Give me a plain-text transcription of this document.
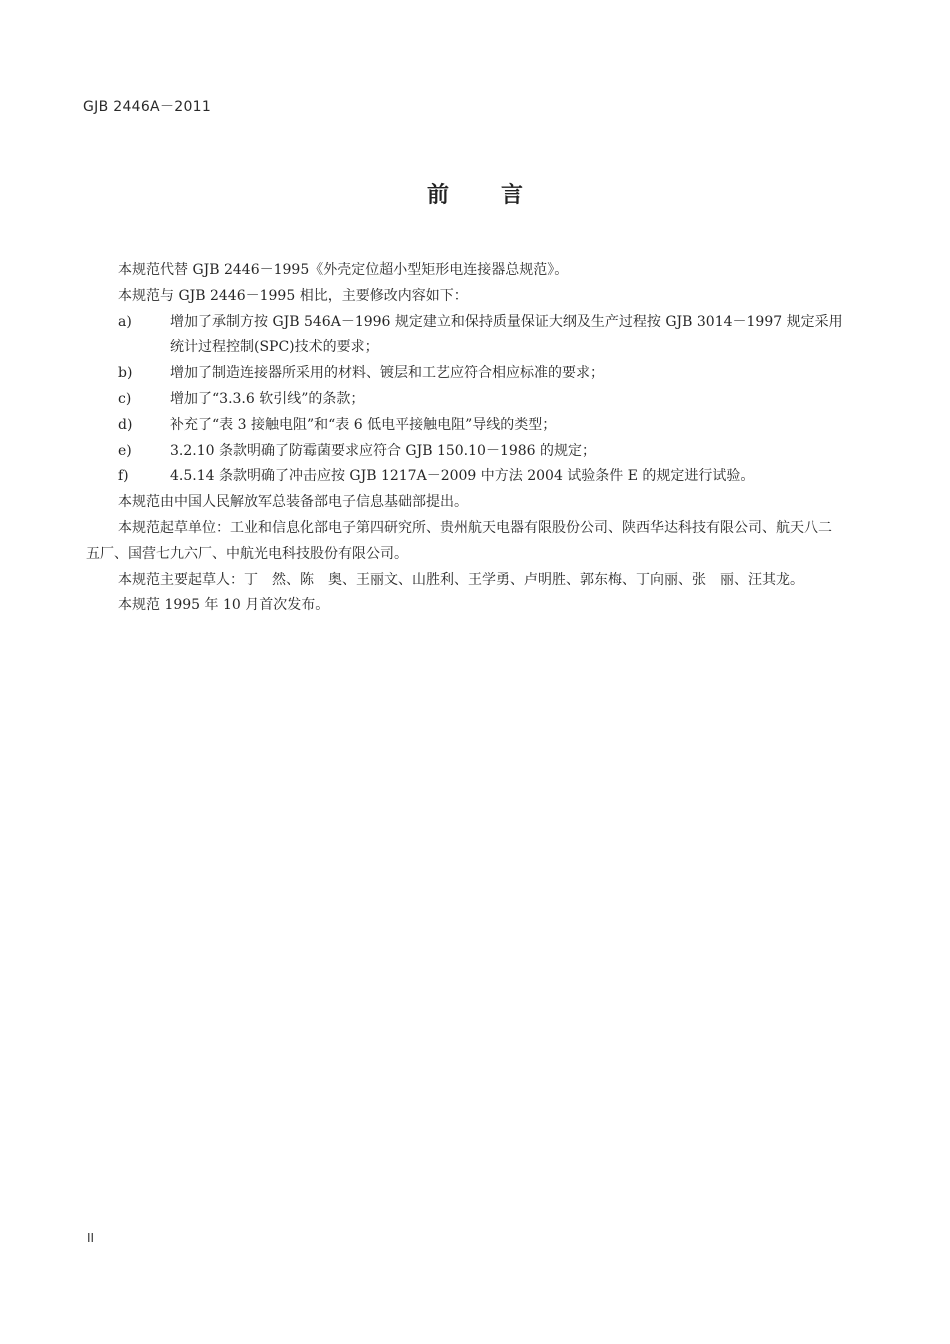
GJB 2446A－2011
前言

本规范代替 GJB 2446－1995《外壳定位超小型矩形电连接器总规范》。

本规范与 GJB 2446－1995 相比，主要修改内容如下：

a)	增加了承制方按 GJB 546A－1996 规定建立和保持质量保证大纲及生产过程按 GJB 3014－1997 规定采用统计过程控制(SPC)技术的要求；
b)	增加了制造连接器所采用的材料、镀层和工艺应符合相应标准的要求；
c)	增加了“3.3.6 软引线”的条款；
d)	补充了“表 3 接触电阻”和“表 6 低电平接触电阻”导线的类型；
e)	3.2.10 条款明确了防霉菌要求应符合 GJB 150.10－1986 的规定；
f)	4.5.14 条款明确了冲击应按 GJB 1217A－2009 中方法 2004 试验条件 E 的规定进行试验。

本规范由中国人民解放军总装备部电子信息基础部提出。

本规范起草单位：工业和信息化部电子第四研究所、贵州航天电器有限股份公司、陕西华达科技有限公司、航天八二五厂、国营七九六厂、中航光电科技股份有限公司。

本规范主要起草人：丁　然、陈　奥、王丽文、山胜利、王学勇、卢明胜、郭东梅、丁向丽、张　丽、汪其龙。

本规范 1995 年 10 月首次发布。

II
